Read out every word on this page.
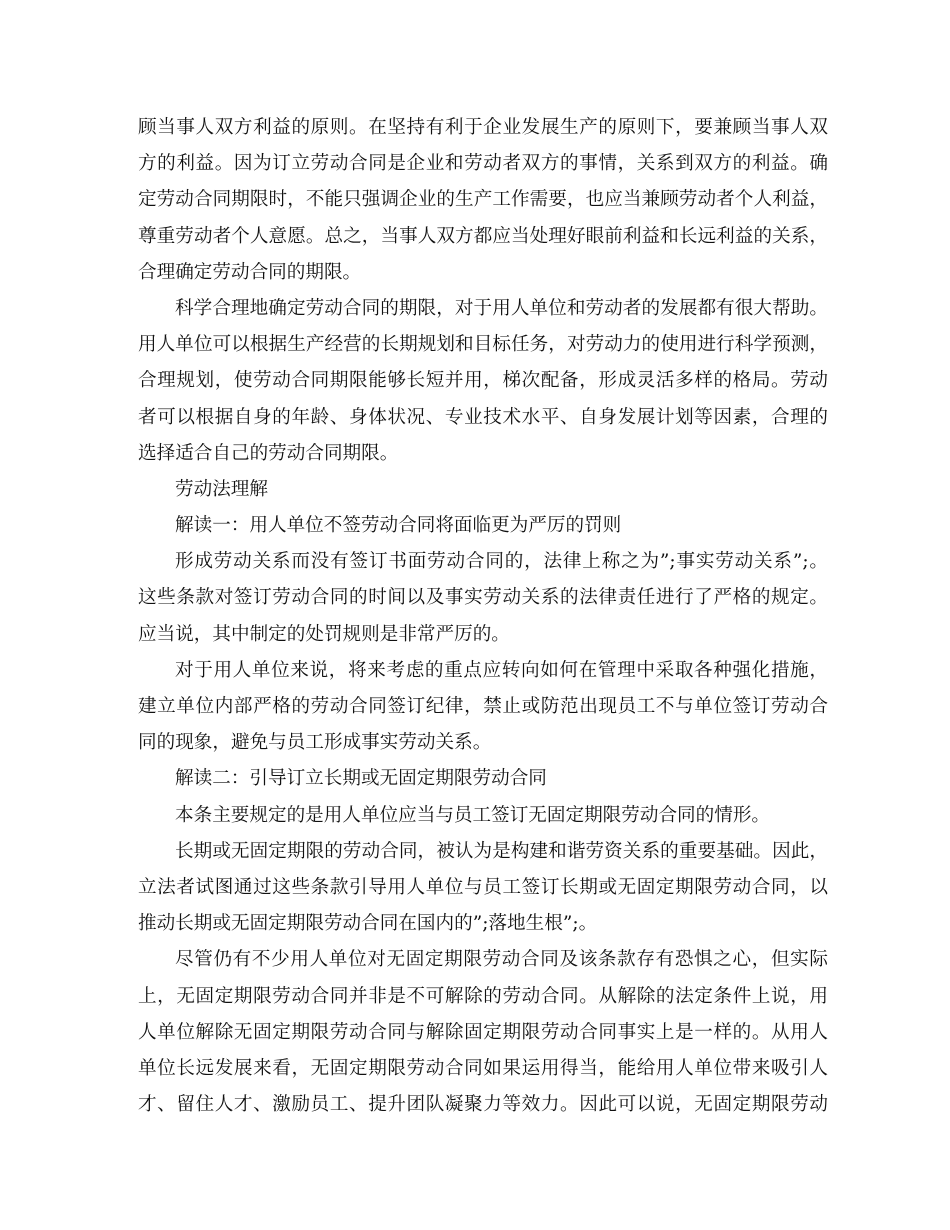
顾当事人双方利益的原则。在坚持有利于企业发展生产的原则下，要兼顾当事人双
方的利益。因为订立劳动合同是企业和劳动者双方的事情，关系到双方的利益。确
定劳动合同期限时，不能只强调企业的生产工作需要，也应当兼顾劳动者个人利益，
尊重劳动者个人意愿。总之，当事人双方都应当处理好眼前利益和长远利益的关系，
合理确定劳动合同的期限。
科学合理地确定劳动合同的期限，对于用人单位和劳动者的发展都有很大帮助。
用人单位可以根据生产经营的长期规划和目标任务，对劳动力的使用进行科学预测，
合理规划，使劳动合同期限能够长短并用，梯次配备，形成灵活多样的格局。劳动
者可以根据自身的年龄、身体状况、专业技术水平、自身发展计划等因素，合理的
选择适合自己的劳动合同期限。
劳动法理解
解读一：用人单位不签劳动合同将面临更为严厉的罚则
形成劳动关系而没有签订书面劳动合同的，法律上称之为”;事实劳动关系”;。
这些条款对签订劳动合同的时间以及事实劳动关系的法律责任进行了严格的规定。
应当说，其中制定的处罚规则是非常严厉的。
对于用人单位来说，将来考虑的重点应转向如何在管理中采取各种强化措施，
建立单位内部严格的劳动合同签订纪律，禁止或防范出现员工不与单位签订劳动合
同的现象，避免与员工形成事实劳动关系。
解读二：引导订立长期或无固定期限劳动合同
本条主要规定的是用人单位应当与员工签订无固定期限劳动合同的情形。
长期或无固定期限的劳动合同，被认为是构建和谐劳资关系的重要基础。因此，
立法者试图通过这些条款引导用人单位与员工签订长期或无固定期限劳动合同，以
推动长期或无固定期限劳动合同在国内的”;落地生根”;。
尽管仍有不少用人单位对无固定期限劳动合同及该条款存有恐惧之心，但实际
上，无固定期限劳动合同并非是不可解除的劳动合同。从解除的法定条件上说，用
人单位解除无固定期限劳动合同与解除固定期限劳动合同事实上是一样的。从用人
单位长远发展来看，无固定期限劳动合同如果运用得当，能给用人单位带来吸引人
才、留住人才、激励员工、提升团队凝聚力等效力。因此可以说，无固定期限劳动
